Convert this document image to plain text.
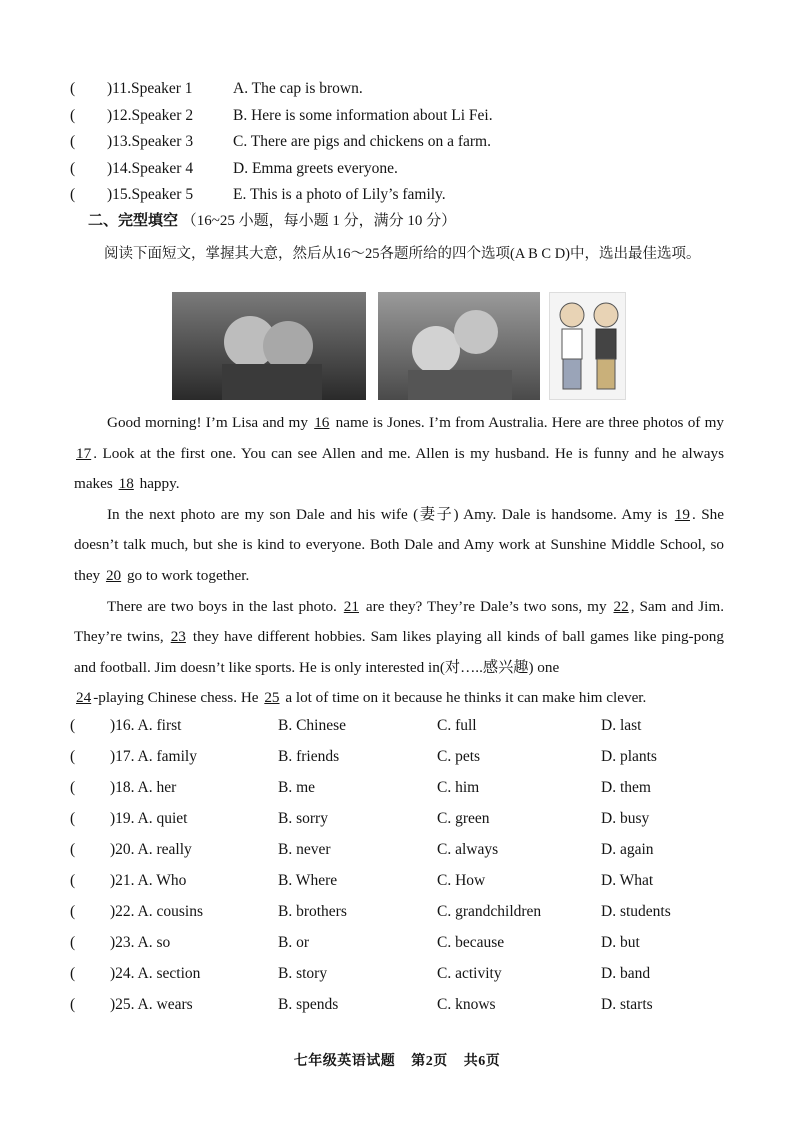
( )11.Speaker 1	A. The cap is brown.
( )12.Speaker 2	B. Here is some information about Li Fei.
( )13.Speaker 3	C. There are pigs and chickens on a farm.
( )14.Speaker 4	D. Emma greets everyone.
( )15.Speaker 5	E. This is a photo of Lily’s family.
二、完型填空 （16~25 小题，每小题 1 分，满分 10 分）
阅读下面短文，掌握其大意，然后从16～25各题所给的四个选项(A B C D)中，选出最佳选项。

Good morning! I’m Lisa and my 16 name is Jones. I’m from Australia. Here are three photos of my 17 . Look at the first one. You can see Allen and me. Allen is my husband. He is funny and he always makes 18 happy.

In the next photo are my son Dale and his wife (妻子) Amy. Dale is handsome. Amy is 19 . She doesn’t talk much, but she is kind to everyone. Both Dale and Amy work at Sunshine Middle School, so they 20 go to work together.

There are two boys in the last photo. 21 are they? They’re Dale’s two sons, my 22 , Sam and Jim. They’re twins, 23 they have different hobbies. Sam likes playing all kinds of ball games like ping-pong and football. Jim doesn’t like sports. He is only interested in(对…..感兴趣) one

24 -playing Chinese chess. He 25 a lot of time on it because he thinks it can make him clever.

( )16. A. first	B. Chinese	C. full	D. last
( )17. A. family	B. friends	C. pets	D. plants
( )18. A. her	B. me	C. him	D. them
( )19. A. quiet	B. sorry	C. green	D. busy
( )20. A. really	B. never	C. always	D. again
( )21. A. Who	B. Where	C. How	D. What
( )22. A. cousins	B. brothers	C. grandchildren	D. students
( )23. A. so	B. or	C. because	D. but
( )24. A. section	B. story	C. activity	D. band
( )25. A. wears	B. spends	C. knows	D. starts
七年级英语试题 第2页 共6页
